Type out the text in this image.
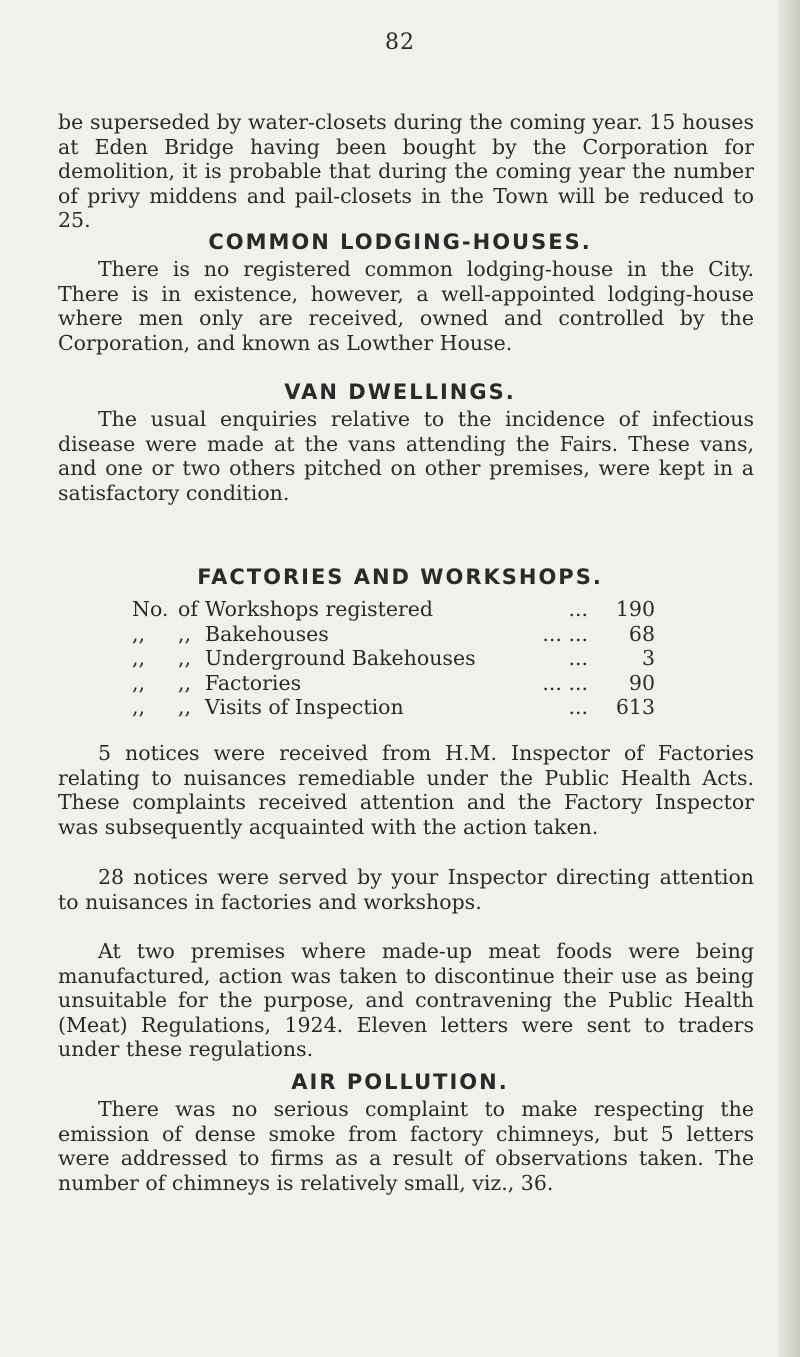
82

be superseded by water-closets during the coming year. 15 houses at Eden Bridge having been bought by the Corporation for demolition, it is probable that during the coming year the number of privy middens and pail-closets in the Town will be reduced to 25.

COMMON LODGING-HOUSES.

There is no registered common lodging-house in the City. There is in existence, however, a well-appointed lodging-house where men only are received, owned and controlled by the Corporation, and known as Lowther House.

VAN DWELLINGS.

The usual enquiries relative to the incidence of infectious disease were made at the vans attending the Fairs. These vans, and one or two others pitched on other premises, were kept in a satisfactory condition.

FACTORIES AND WORKSHOPS.
No.	of	Workshops registered	...	190
,,	,,	Bakehouses	... ...	68
,,	,,	Underground Bakehouses	...	3
,,	,,	Factories	... ...	90
,,	,,	Visits of Inspection	...	613

5 notices were received from H.M. Inspector of Factories relating to nuisances remediable under the Public Health Acts. These complaints received attention and the Factory Inspector was subsequently acquainted with the action taken.

28 notices were served by your Inspector directing attention to nuisances in factories and workshops.

At two premises where made-up meat foods were being manufactured, action was taken to discontinue their use as being unsuitable for the purpose, and contravening the Public Health (Meat) Regulations, 1924. Eleven letters were sent to traders under these regulations.

AIR POLLUTION.

There was no serious complaint to make respecting the emission of dense smoke from factory chimneys, but 5 letters were addressed to firms as a result of observations taken. The number of chimneys is relatively small, viz., 36.
